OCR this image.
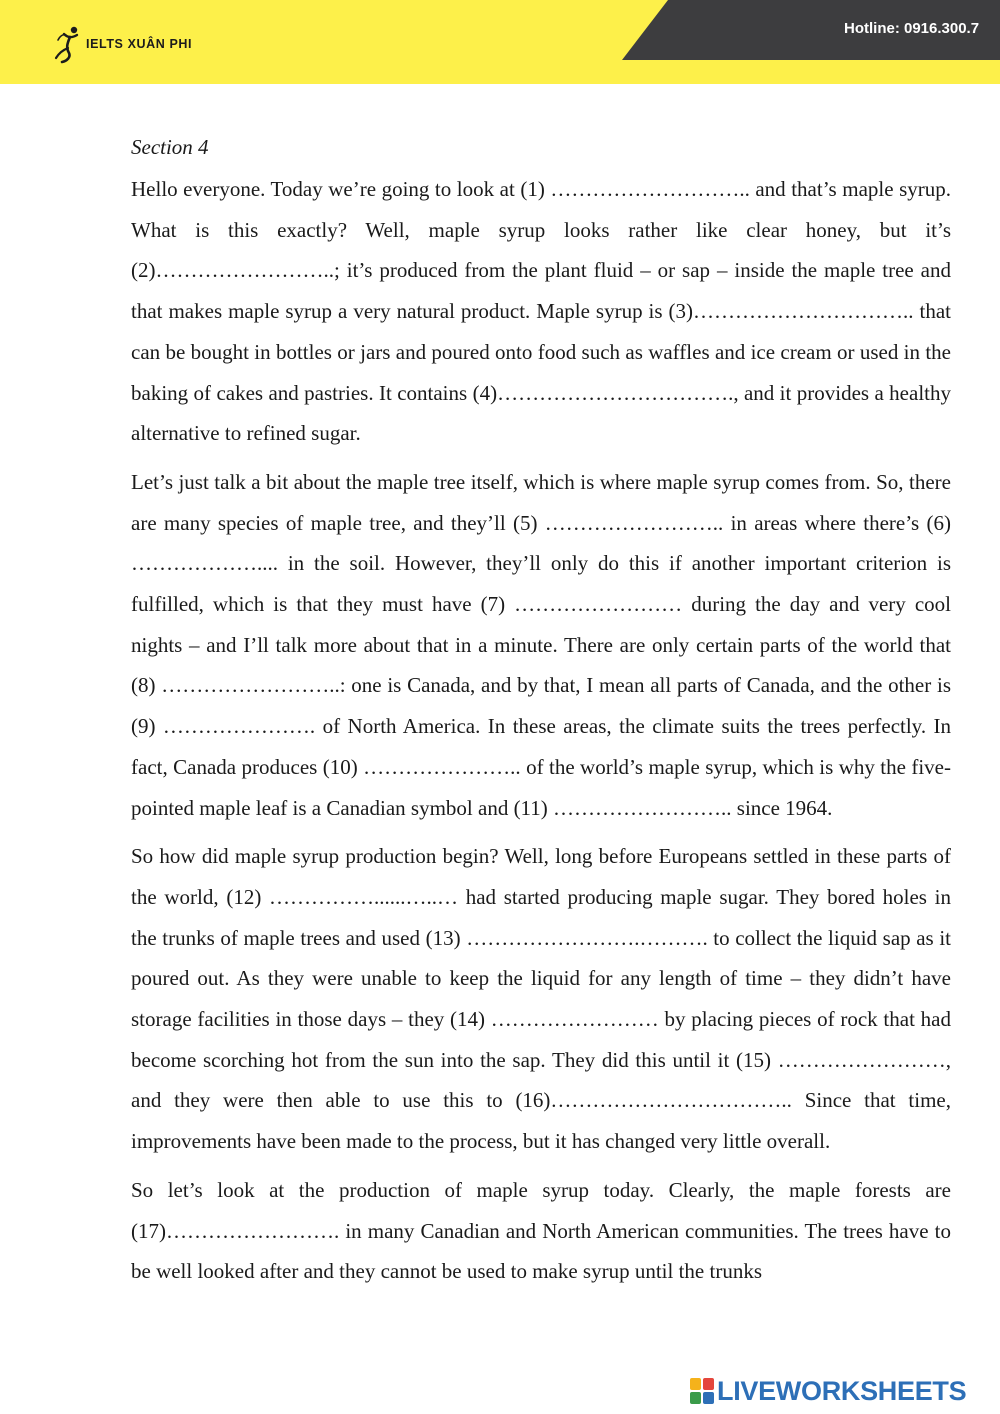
IELTS XUÂN PHI
Hotline: 0916.300.7
Section 4

Hello everyone. Today we’re going to look at (1) ……………………….. and that’s maple syrup. What is this exactly? Well, maple syrup looks rather like clear honey, but it’s (2)……………………..; it’s produced from the plant fluid – or sap – inside the maple tree and that makes maple syrup a very natural product. Maple syrup is (3)………………………….. that can be bought in bottles or jars and poured onto food such as waffles and ice cream or used in the baking of cakes and pastries. It contains (4)……………………………., and it provides a healthy alternative to refined sugar.

Let’s just talk a bit about the maple tree itself, which is where maple syrup comes from. So, there are many species of maple tree, and they’ll (5) …………………….. in areas where there’s (6) ……………….... in the soil. However, they’ll only do this if another important criterion is fulfilled, which is that they must have (7) …………………… during the day and very cool nights – and I’ll talk more about that in a minute. There are only certain parts of the world that (8) ……………………..: one is Canada, and by that, I mean all parts of Canada, and the other is (9) …………………. of North America. In these areas, the climate suits the trees perfectly. In fact, Canada produces (10) ………………….. of the world’s maple syrup, which is why the five-pointed maple leaf is a Canadian symbol and (11) …………………….. since 1964.

So how did maple syrup production begin? Well, long before Europeans settled in these parts of the world, (12) ……………......…..… had started producing maple sugar. They bored holes in the trunks of maple trees and used (13) …………………….………. to collect the liquid sap as it poured out. As they were unable to keep the liquid for any length of time – they didn’t have storage facilities in those days – they (14) …………………… by placing pieces of rock that had become scorching hot from the sun into the sap. They did this until it (15) ……………………, and they were then able to use this to (16)…………………………….. Since that time, improvements have been made to the process, but it has changed very little overall.

So let’s look at the production of maple syrup today. Clearly, the maple forests are (17)……………………. in many Canadian and North American communities. The trees have to be well looked after and they cannot be used to make syrup until the trunks

LIVEWORKSHEETS
